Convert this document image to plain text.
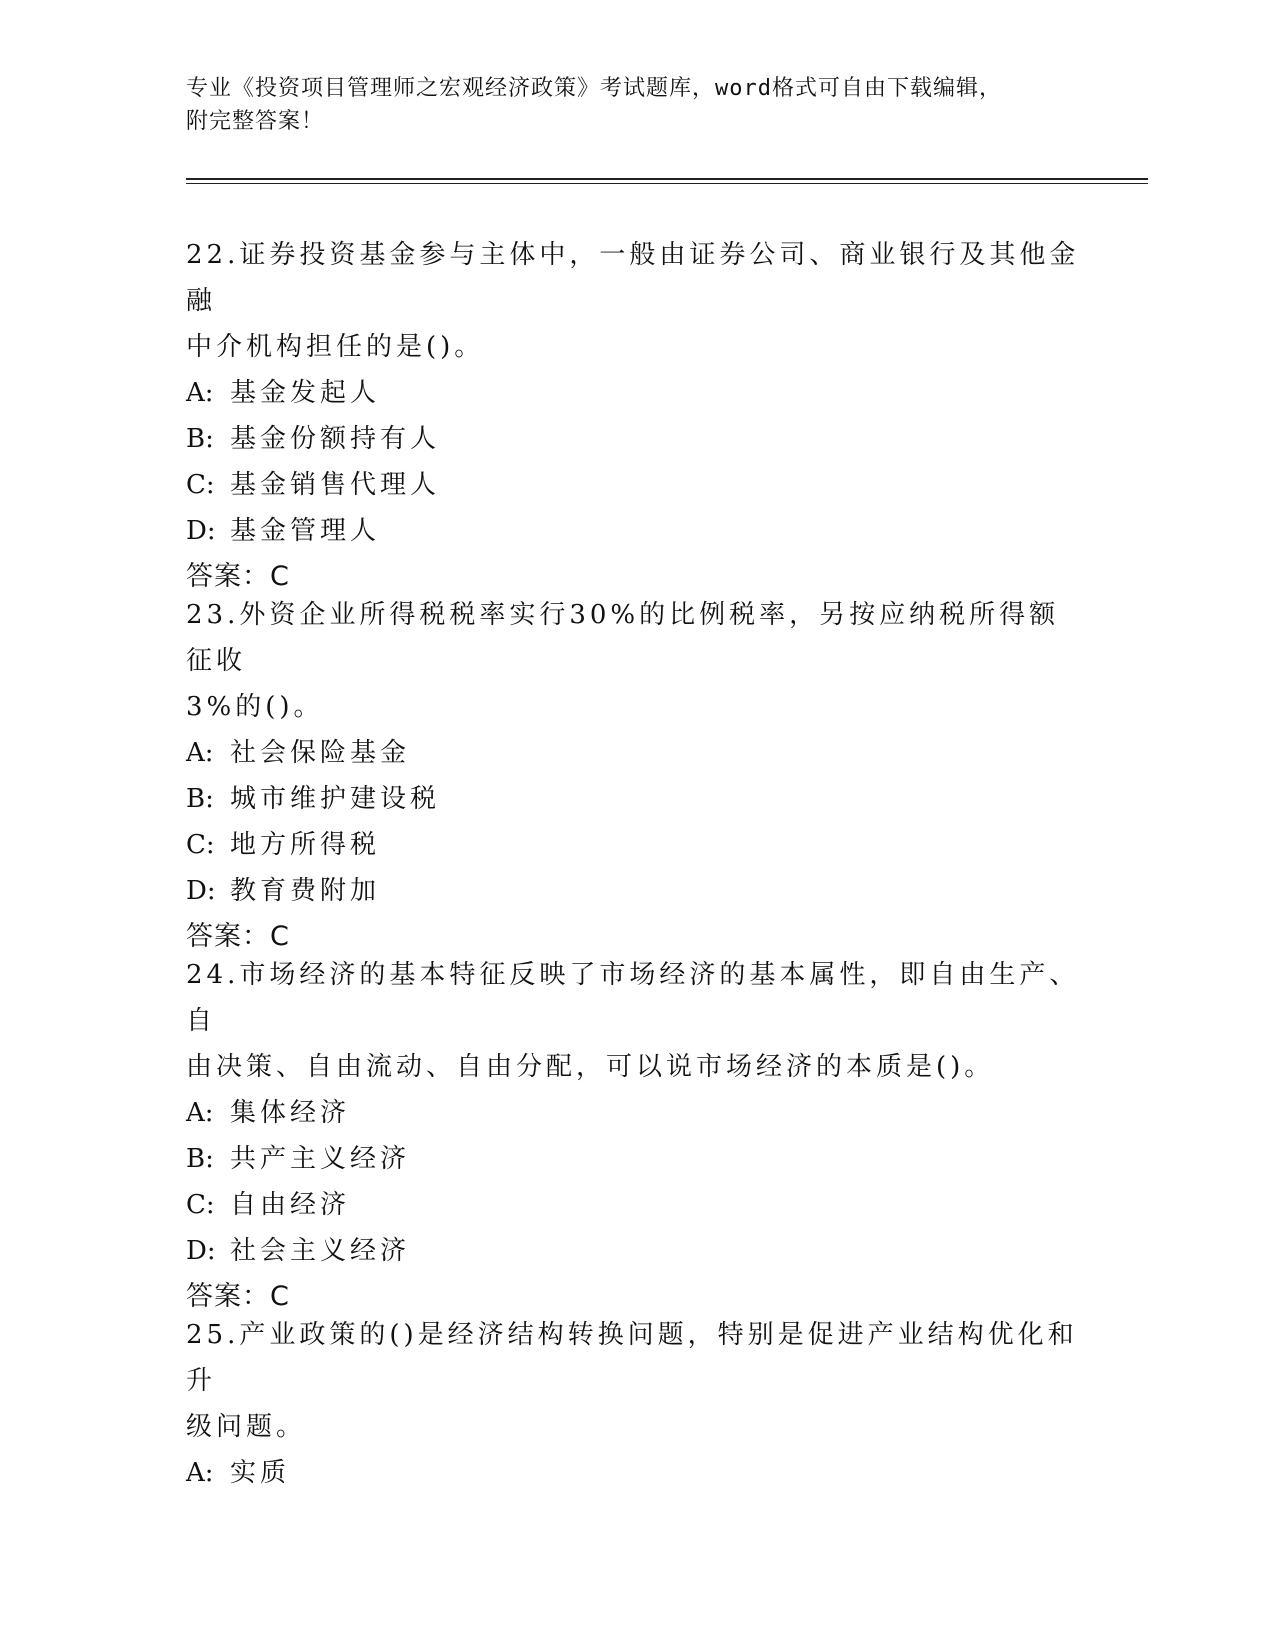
专业《投资项目管理师之宏观经济政策》考试题库，word格式可自由下载编辑，
附完整答案！
22.证券投资基金参与主体中，一般由证券公司、商业银行及其他金融
中介机构担任的是()。
A: 基金发起人
B: 基金份额持有人
C: 基金销售代理人
D: 基金管理人
答案：C
23.外资企业所得税税率实行30%的比例税率，另按应纳税所得额征收
3%的()。
A: 社会保险基金
B: 城市维护建设税
C: 地方所得税
D: 教育费附加
答案：C
24.市场经济的基本特征反映了市场经济的基本属性，即自由生产、自
由决策、自由流动、自由分配，可以说市场经济的本质是()。
A: 集体经济
B: 共产主义经济
C: 自由经济
D: 社会主义经济
答案：C
25.产业政策的()是经济结构转换问题，特别是促进产业结构优化和升
级问题。
A: 实质
